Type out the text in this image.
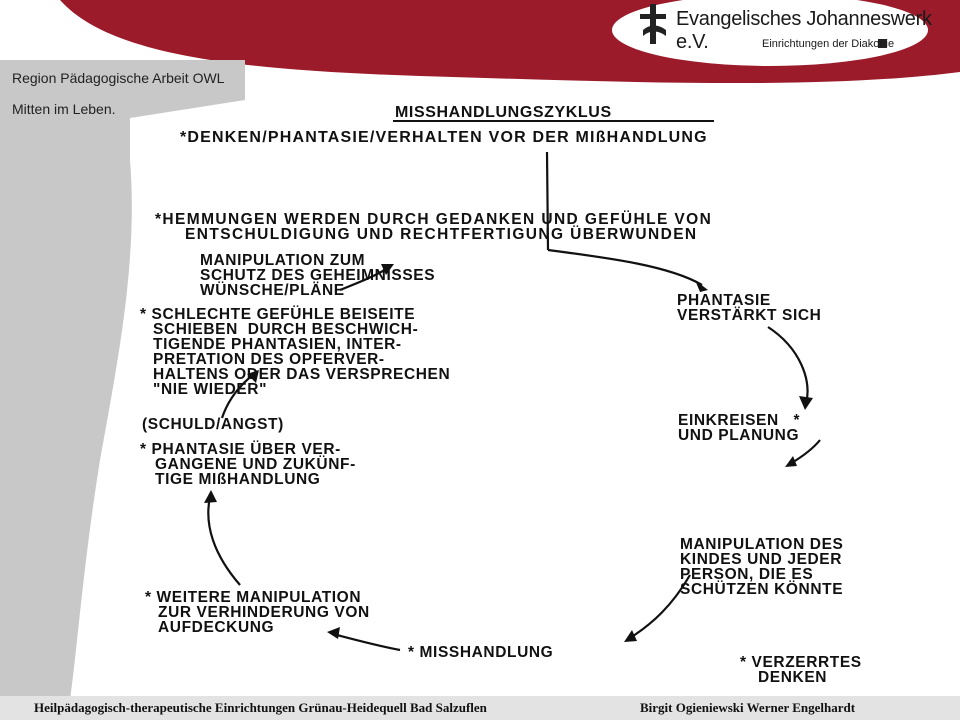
Evangelisches Johanneswerk e.V.	Einrichtungen der Diakonie
Region Pädagogische Arbeit OWL
Mitten im Leben.	MISSHANDLUNGSZYKLUS
*DENKEN/PHANTASIE/VERHALTEN VOR DER MIßHANDLUNG
*HEMMUNGEN WERDEN DURCH GEDANKEN UND GEFÜHLE VON
ENTSCHULDIGUNG UND RECHTFERTIGUNG ÜBERWUNDEN
MANIPULATION ZUM
SCHUTZ DES GEHEIMNISSES
WÜNSCHE/PLÄNE
* SCHLECHTE GEFÜHLE BEISEITE
SCHIEBEN  DURCH BESCHWICH-
TIGENDE PHANTASIEN, INTER-
PRETATION DES OPFERVER-
HALTENS ODER DAS VERSPRECHEN
"NIE WIEDER"
(SCHULD/ANGST)
* PHANTASIE ÜBER VER-
GANGENE UND ZUKÜNF-
TIGE MIßHANDLUNG
* WEITERE MANIPULATION
ZUR VERHINDERUNG VON
AUFDECKUNG
* MISSHANDLUNG
PHANTASIE
VERSTÄRKT SICH
EINKREISEN   *
UND PLANUNG
MANIPULATION DES
KINDES UND JEDER
PERSON, DIE ES
SCHÜTZEN KÖNNTE
* VERZERRTES
DENKEN
Heilpädagogisch-therapeutische Einrichtungen Grünau-Heidequell Bad Salzuflen	Birgit Ogieniewski Werner Engelhardt
